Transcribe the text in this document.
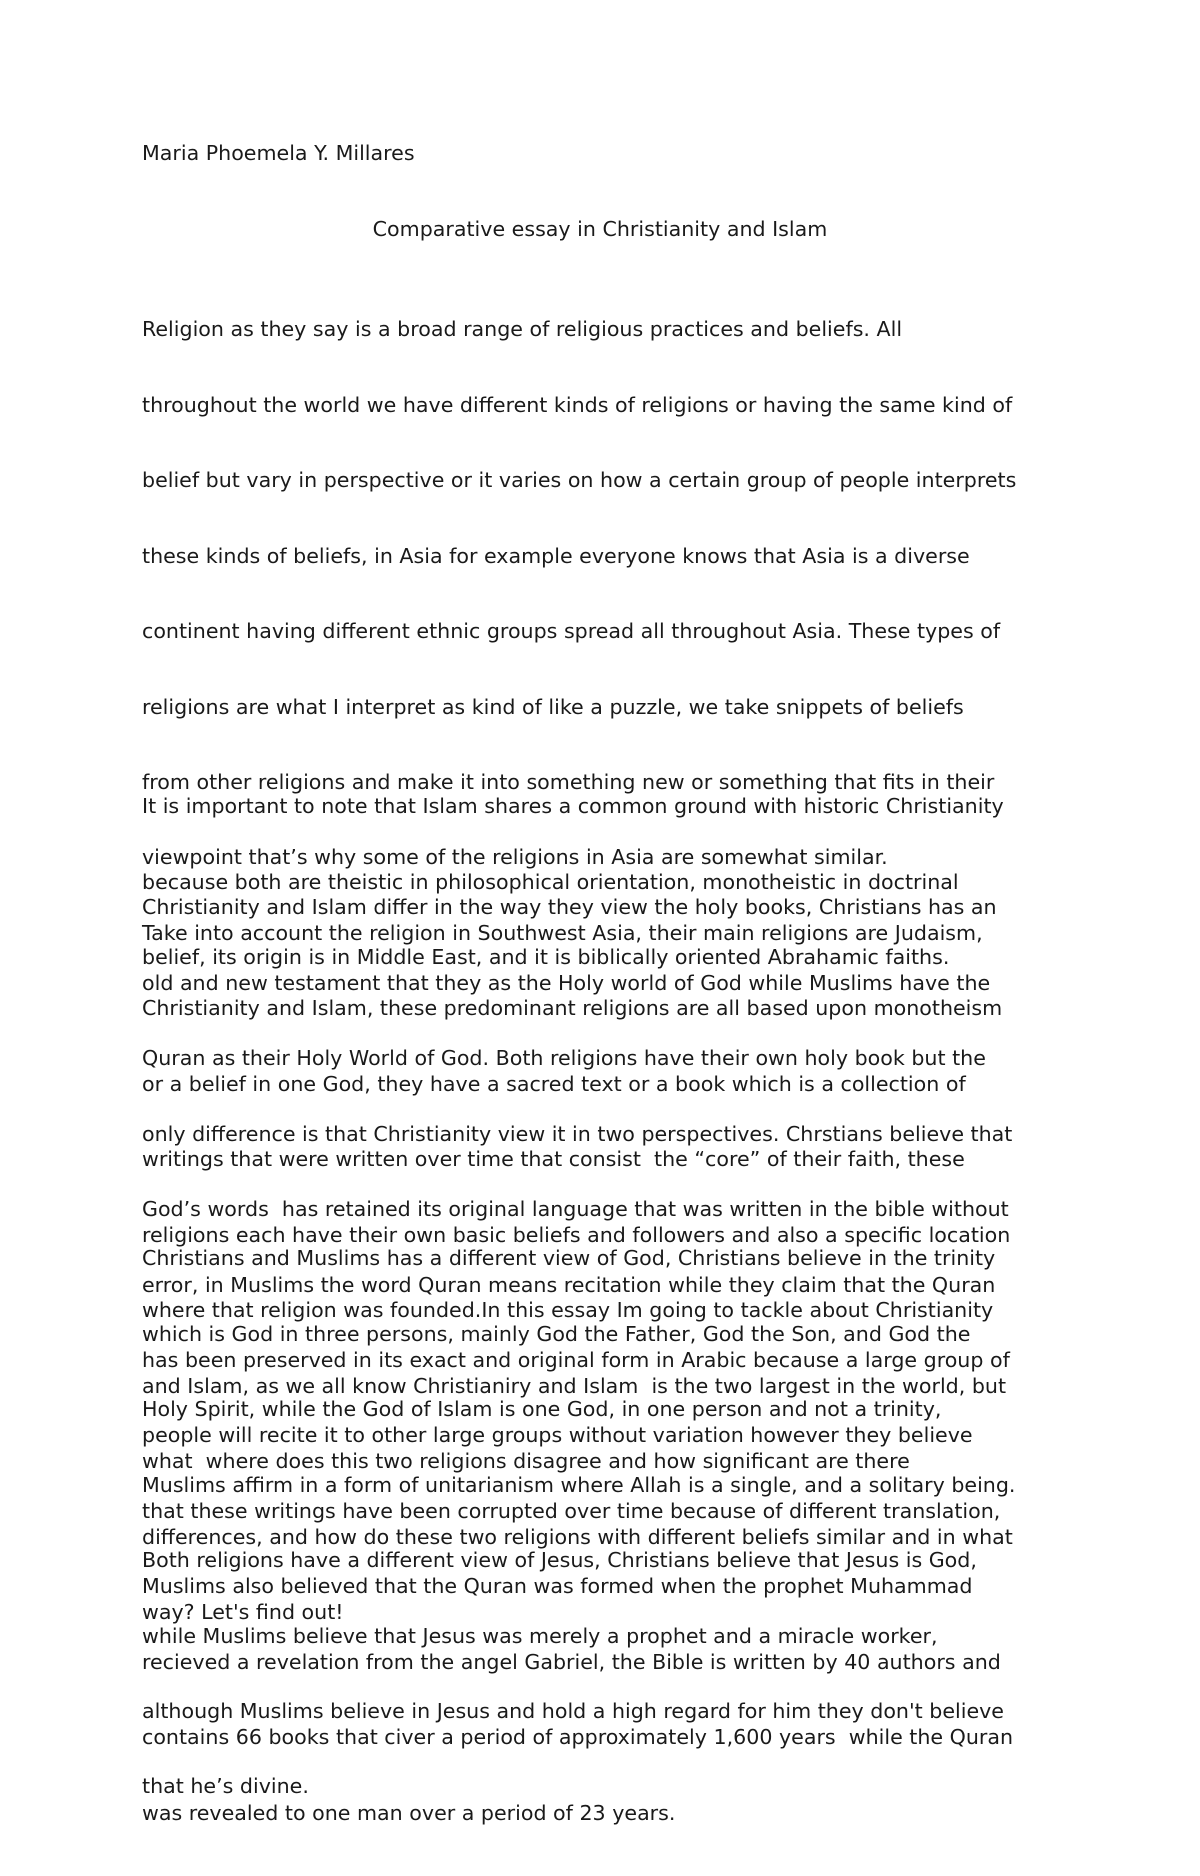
Maria Phoemela Y. Millares
Comparative essay in Christianity and Islam

Religion as they say is a broad range of religious practices and beliefs. All

throughout the world we have different kinds of religions or having the same kind of

belief but vary in perspective or it varies on how a certain group of people interprets

these kinds of beliefs, in Asia for example everyone knows that Asia is a diverse

continent having different ethnic groups spread all throughout Asia. These types of

religions are what I interpret as kind of like a puzzle, we take snippets of beliefs

from other religions and make it into something new or something that fits in their

viewpoint that’s why some of the religions in Asia are somewhat similar.

Take into account the religion in Southwest Asia, their main religions are Judaism,

Christianity and Islam, these predominant religions are all based upon monotheism

or a belief in one God, they have a sacred text or a book which is a collection of

writings that were written over time that consist  the “core” of their faith, these

religions each have their own basic beliefs and followers and also a specific location

where that religion was founded.In this essay Im going to tackle about Christianity

and Islam, as we all know Christianiry and Islam  is the two largest in the world, but

what  where does this two religions disagree and how significant are there

differences, and how do these two religions with different beliefs similar and in what

way? Let's find out!

It is important to note that Islam shares a common ground with historic Christianity

because both are theistic in philosophical orientation, monotheistic in doctrinal

belief, its origin is in Middle East, and it is biblically oriented Abrahamic faiths.

Christianity and Islam differ in the way they view the holy books, Christians has an

old and new testament that they as the Holy world of God while Muslims have the

Quran as their Holy World of God. Both religions have their own holy book but the

only difference is that Christianity view it in two perspectives. Chrstians believe that

God’s words  has retained its original language that was written in the bible without

error, in Muslims the word Quran means recitation while they claim that the Quran

has been preserved in its exact and original form in Arabic because a large group of

people will recite it to other large groups without variation however they believe

that these writings have been corrupted over time because of different translation,

Muslims also believed that the Quran was formed when the prophet Muhammad

recieved a revelation from the angel Gabriel, the Bible is written by 40 authors and

contains 66 books that civer a period of approximately 1,600 years  while the Quran

was revealed to one man over a period of 23 years.

Christians and Muslims has a different view of God, Christians believe in the trinity

which is God in three persons, mainly God the Father, God the Son, and God the

Holy Spirit, while the God of Islam is one God, in one person and not a trinity,

Muslims affirm in a form of unitarianism where Allah is a single, and a solitary being.

Both religions have a different view of Jesus, Christians believe that Jesus is God,

while Muslims believe that Jesus was merely a prophet and a miracle worker,

although Muslims believe in Jesus and hold a high regard for him they don't believe

that he’s divine.
